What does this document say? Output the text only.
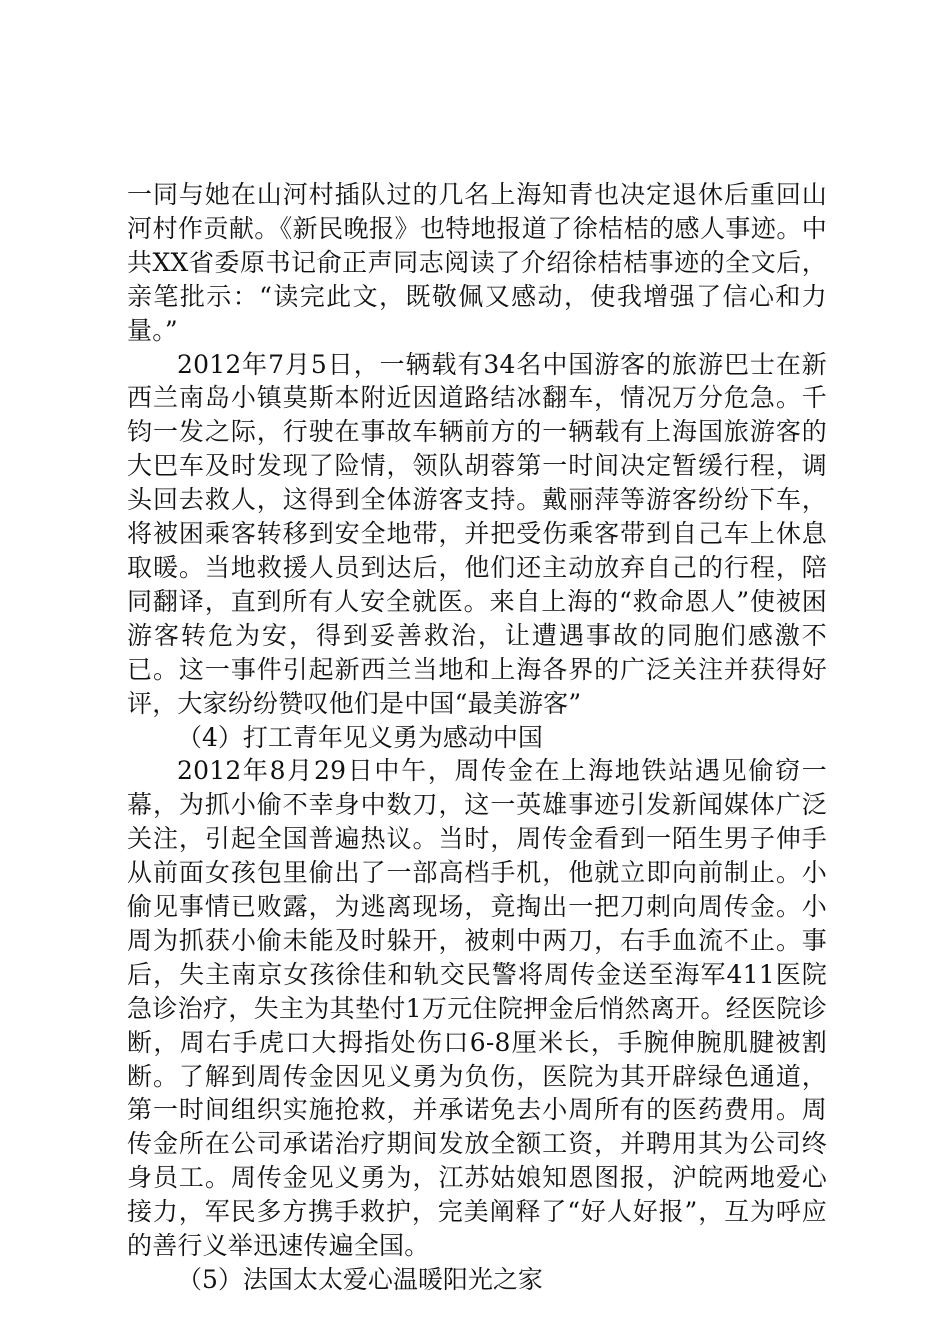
一同与她在山河村插队过的几名上海知青也决定退休后重回山河村作贡献。《新民晚报》也特地报道了徐桔桔的感人事迹。中共XX省委原书记俞正声同志阅读了介绍徐桔桔事迹的全文后，亲笔批示：“读完此文，既敬佩又感动，使我增强了信心和力量。”

2012年7月5日，一辆载有34名中国游客的旅游巴士在新西兰南岛小镇莫斯本附近因道路结冰翻车，情况万分危急。千钧一发之际，行驶在事故车辆前方的一辆载有上海国旅游客的大巴车及时发现了险情，领队胡蓉第一时间决定暂缓行程，调头回去救人，这得到全体游客支持。戴丽萍等游客纷纷下车，将被困乘客转移到安全地带，并把受伤乘客带到自己车上休息取暖。当地救援人员到达后，他们还主动放弃自己的行程，陪同翻译，直到所有人安全就医。来自上海的“救命恩人”使被困游客转危为安，得到妥善救治，让遭遇事故的同胞们感激不已。这一事件引起新西兰当地和上海各界的广泛关注并获得好评，大家纷纷赞叹他们是中国“最美游客”

（4）打工青年见义勇为感动中国

2012年8月29日中午，周传金在上海地铁站遇见偷窃一幕，为抓小偷不幸身中数刀，这一英雄事迹引发新闻媒体广泛关注，引起全国普遍热议。当时，周传金看到一陌生男子伸手从前面女孩包里偷出了一部高档手机，他就立即向前制止。小偷见事情已败露，为逃离现场，竟掏出一把刀刺向周传金。小周为抓获小偷未能及时躲开，被刺中两刀，右手血流不止。事后，失主南京女孩徐佳和轨交民警将周传金送至海军411医院急诊治疗，失主为其垫付1万元住院押金后悄然离开。经医院诊断，周右手虎口大拇指处伤口6-8厘米长，手腕伸腕肌腱被割断。了解到周传金因见义勇为负伤，医院为其开辟绿色通道，第一时间组织实施抢救，并承诺免去小周所有的医药费用。周传金所在公司承诺治疗期间发放全额工资，并聘用其为公司终身员工。周传金见义勇为，江苏姑娘知恩图报，沪皖两地爱心接力，军民多方携手救护，完美阐释了“好人好报”，互为呼应的善行义举迅速传遍全国。

（5）法国太太爱心温暖阳光之家
